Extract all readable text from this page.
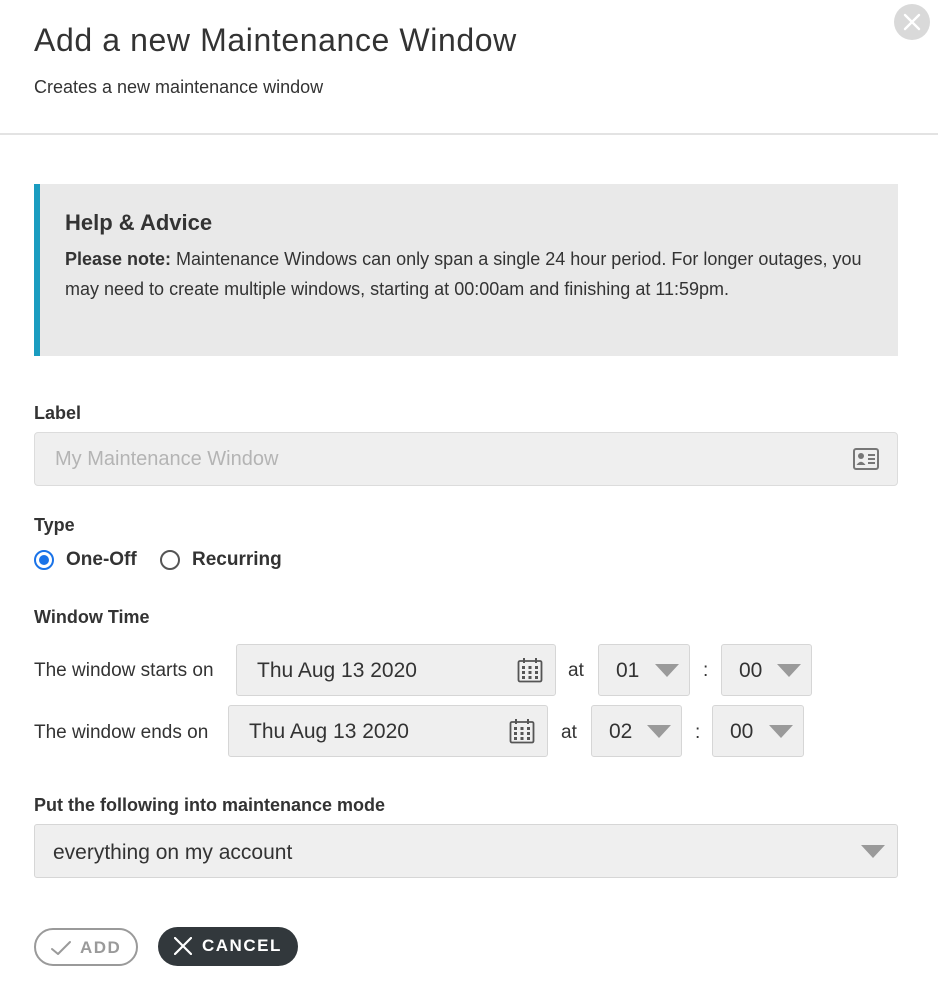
Add a new Maintenance Window
Creates a new maintenance window
Help & Advice
Please note: Maintenance Windows can only span a single 24 hour period. For longer outages, you may need to create multiple windows, starting at 00:00am and finishing at 11:59pm.
Label
My Maintenance Window
Type
One-Off	Recurring
Window Time
The window starts on Thu Aug 13 2020	at 01	: 00
The window ends on Thu Aug 13 2020	at 02	: 00
Put the following into maintenance mode
everything on my account
ADD	CANCEL
